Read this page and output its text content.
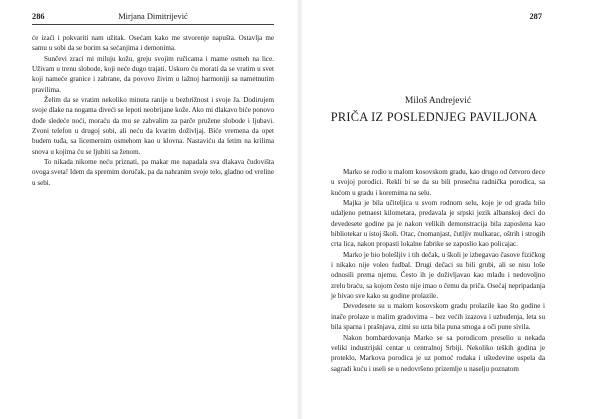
286	Mirjana Dimitrijević

će izaći i pokvariti nam užitak. Osećam kako me stvorenje napušta. Ostavlja me samu u sobi da se borim sa sećanjima i demonima.

Sunčevi zraci mi miluju kožu, greju svojim ručicama i mame osmeh na lice. Uživam u trenu slobode, koji neće dugo trajati. Uskoro ću morati da se vratim u svet koji nameće granice i zabrane, da povovo živim u lažnoj harmoniji sa nametnutim pravilima.

Želim da se vratim nekoliko minuta ranije u bezbrižnost i svoje Ja. Dodirujem svoje dlake na nogama diveći se lepoti neobrijane kože. Ako mi dlakavo biće ponovo dođe sledeće noći, moraću da mu se zahvalim za parče pružene slobode i ljubavi. Zvoni telefon u drugoj sobi, ali neću da kvarim doživljaj. Biće vremena da opet budem tuđa, sa licemernim osmehom kao u klovna. Nastaviću da letim na krilima snova u kojima ću se ljubiti sa ženom.

To nikada nikome neću priznati, pa makar me napadala sva dlakava čudovišta ovoga sveta! Idem da spremim doručak, pa da nahranim svoje telo, gladno od vreline u sebi.

287
Miloš Andrejević
PRIČA IZ POSLEDNJEG PAVILJONA

Marko se rodio u malom kosovskom gradu, kao drugo od četvoro dece u svojoj porodici. Rekli bi se da su bili prosečna radnička porodica, sa kućom u gradu i koremima na selu.

Majka je bila učiteljica u svom rodnom selu, koje je od grada bilo udaljeno petnaest kilometara, predavala je srpski jezik albanskoj deci do devedesete godine pa je nakon velikih demonstracija bila zaposlena kao bibliotekar u istoj školi. Otac, ćnomanjast, čutljiv mulkarac, oštrih i strogih crta lica, nakon propasti lokalne fabrike se zaposlio kao policajac.

Marko je bio bolešljiv i tih dečak, u školi je izbegavao časove fizičkog i nikako nije voleo fudbal. Drugi dečaci su bili grubi, ali se nisu loše odnosili prema njemu. Često ih je doživljavao kao mlađu i nedovoljno zrelu braću, sa kojom često nije imao o čemu da priča. Osećaj nepripadanja je bivao sve kako su godine prolazile.

Devedesete su u malom kosovskom gradu prolazile kao što godine i inače prolaze u malim gradovima – bez većih izazova i uzbuđenja, leta su bila sparna i prašnjava, zimi su uzta bila puna smoga a oči pune sivila.

Nakon bombardovanja Marko se sa porodicom preselio u nekada veliki industrijski centar u centralnoj Srbiji. Nekoliko teških godina je proteklo, Markova porodica je uz pomoć rodaka i uštedevine uspela da sagradi kuću i useli se u nedovršeno prizemlje u naselju poznatom
